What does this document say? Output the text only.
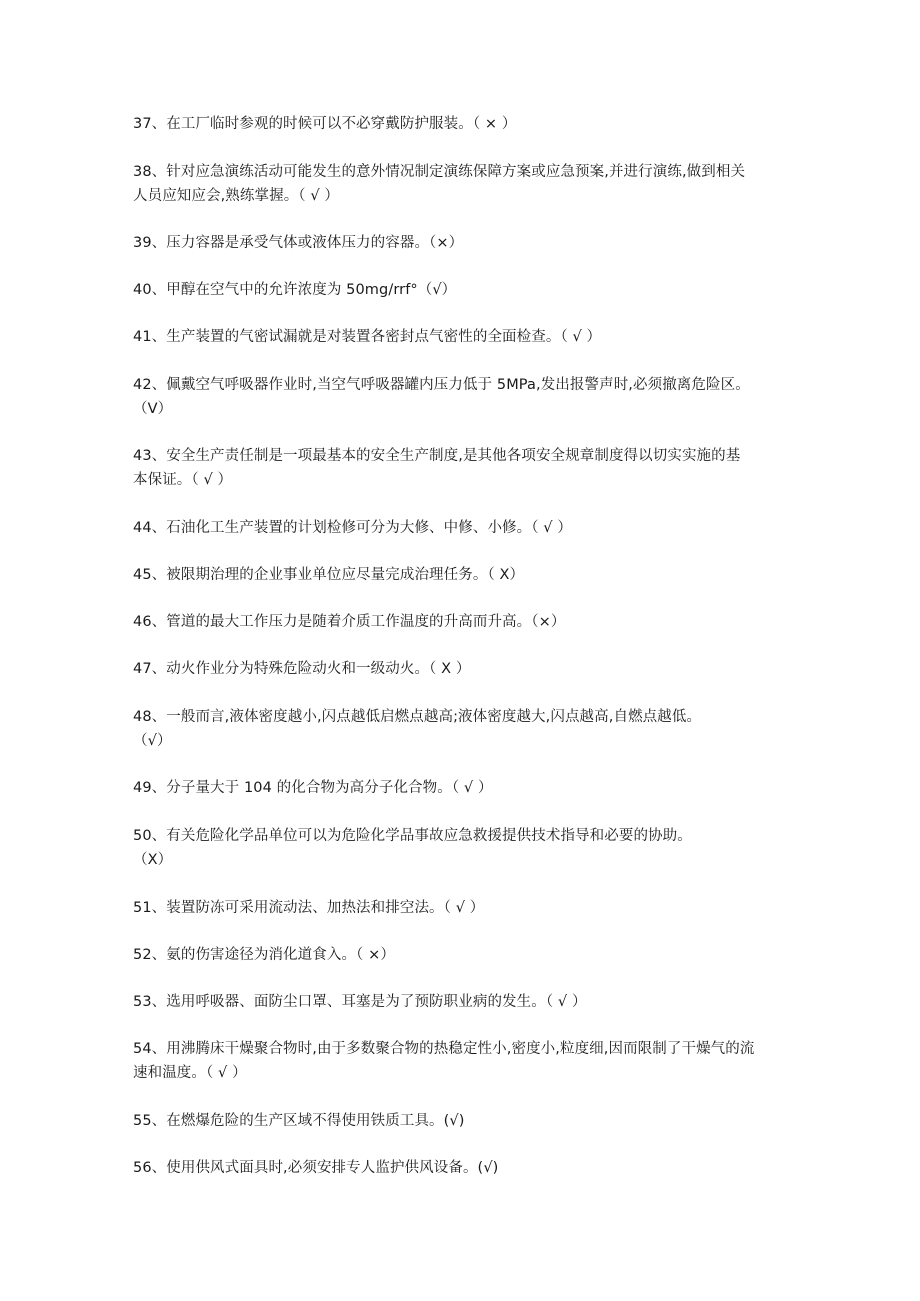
37、在工厂临时参观的时候可以不必穿戴防护服装。（ × ）
38、针对应急演练活动可能发生的意外情况制定演练保障方案或应急预案,并进行演练,做到相关
人员应知应会,熟练掌握。（ √ ）
39、压力容器是承受气体或液体压力的容器。（×）
40、甲醇在空气中的允许浓度为 50mg∕rrf°（√）
41、生产装置的气密试漏就是对装置各密封点气密性的全面检查。（ √ ）
42、佩戴空气呼吸器作业时,当空气呼吸器罐内压力低于 5MPa,发出报警声时,必须撤离危险区。
（V）
43、安全生产责任制是一项最基本的安全生产制度,是其他各项安全规章制度得以切实实施的基
本保证。（ √ ）
44、石油化工生产装置的计划检修可分为大修、中修、小修。（ √ ）
45、被限期治理的企业事业单位应尽量完成治理任务。（ X）
46、管道的最大工作压力是随着介质工作温度的升高而升高。（×）
47、动火作业分为特殊危险动火和一级动火。（ X ）
48、一般而言,液体密度越小,闪点越低启燃点越高;液体密度越大,闪点越高,自燃点越低。
（√）
49、分子量大于 104 的化合物为高分子化合物。（ √ ）
50、有关危险化学品单位可以为危险化学品事故应急救援提供技术指导和必要的协助。
（X）
51、装置防冻可采用流动法、加热法和排空法。（ √ ）
52、氨的伤害途径为消化道食入。（ ×）
53、选用呼吸器、面防尘口罩、耳塞是为了预防职业病的发生。（ √ ）
54、用沸腾床干燥聚合物时,由于多数聚合物的热稳定性小,密度小,粒度细,因而限制了干燥气的流
速和温度。（ √ ）
55、在燃爆危险的生产区域不得使用铁质工具。(√)
56、使用供风式面具时,必须安排专人监护供风设备。(√)
